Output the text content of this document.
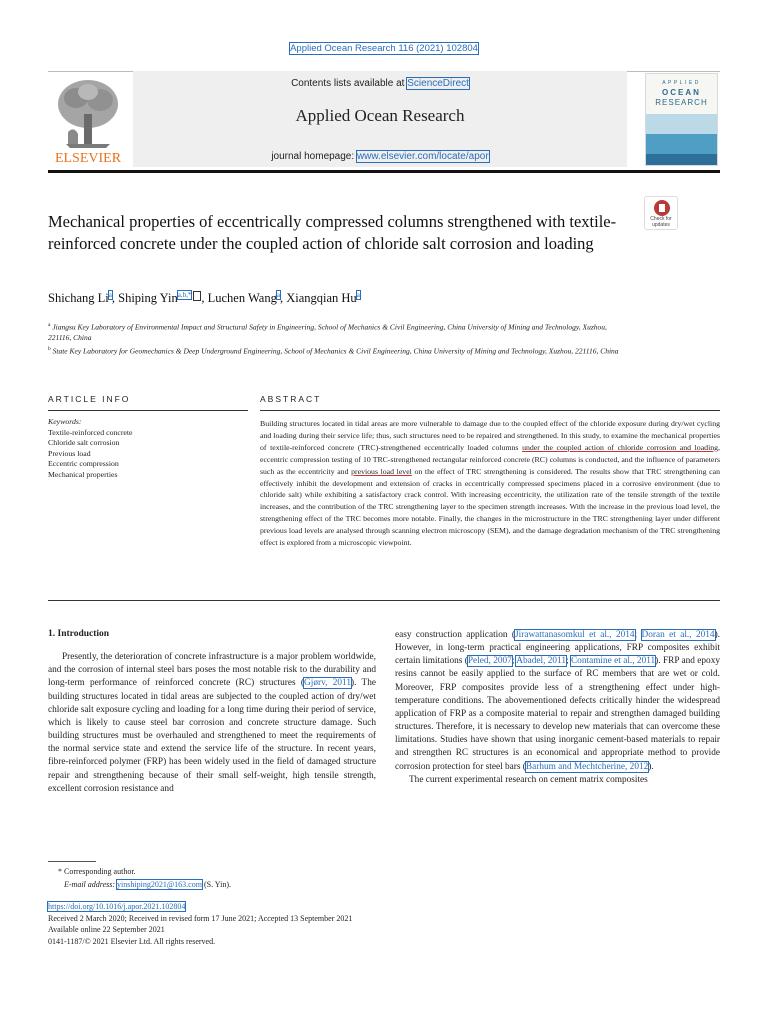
Applied Ocean Research 116 (2021) 102804
ELSEVIER
Contents lists available at ScienceDirect
Applied Ocean Research
journal homepage: www.elsevier.com/locate/apor
APPLIED
OCEAN
RESEARCH
Check for updates
Mechanical properties of eccentrically compressed columns strengthened with textile-reinforced concrete under the coupled action of chloride salt corrosion and loading
Shichang Li$^a$, Shiping Yin$^{a,b,*}$ , Luchen Wang$^a$, Xiangqian Hu$^a$
$^a$ Jiangsu Key Laboratory of Environmental Impact and Structural Safety in Engineering, School of Mechanics & Civil Engineering, China University of Mining and Technology, Xuzhou, 221116, China
$^b$ State Key Laboratory for Geomechanics & Deep Underground Engineering, School of Mechanics & Civil Engineering, China University of Mining and Technology, Xuzhou, 221116, China
ARTICLE INFO	ABSTRACT
Keywords:
Textile-reinforced concrete
Chloride salt corrosion
Previous load
Eccentric compression
Mechanical properties
Building structures located in tidal areas are more vulnerable to damage due to the coupled effect of the chloride exposure during dry/wet cycling and loading during their service life; thus, such structures need to be repaired and strengthened. In this study, to examine the mechanical properties of textile-reinforced concrete (TRC)-strengthened eccentrically loaded columns under the coupled action of chloride corrosion and loading, eccentric compression testing of 10 TRC-strengthened rectangular reinforced concrete (RC) columns is conducted, and the influence of parameters such as the eccentricity and previous load level on the effect of TRC strengthening is considered. The results show that TRC strengthening can effectively inhibit the development and extension of cracks in eccentrically compressed specimens placed in a corrosive environment (due to chloride salt) while exhibiting a satisfactory crack control. With increasing eccentricity, the utilization rate of the tensile strength of the textile increases, and the contribution of the TRC strengthening layer to the specimen strength increases. With the increase in the previous load level, the strengthening effect of the TRC becomes more notable. Finally, the changes in the microstructure in the TRC strengthening layer under different previous load levels are analysed through scanning electron microscopy (SEM), and the damage degradation mechanism of the TRC strengthening effect is explored from a microscopic viewpoint.
1. Introduction

Presently, the deterioration of concrete infrastructure is a major problem worldwide, and the corrosion of internal steel bars poses the most notable risk to the durability and long-term performance of reinforced concrete (RC) structures (Gjørv, 2011). The building structures located in tidal areas are subjected to the coupled action of dry/wet chloride salt exposure cycling and loading for a long time during their period of service, which is likely to cause steel bar corrosion and concrete structure damage. Such building structures must be overhauled and strengthened to meet the requirements of the normal service state and extend the service life of the structure. In recent years, fibre-reinforced polymer (FRP) has been widely used in the field of damaged structure repair and strengthening because of their small self-weight, high tensile strength, excellent corrosion resistance and

easy construction application (Jirawattanasomkul et al., 2014; Doran et al., 2014). However, in long-term practical engineering applications, FRP composites exhibit certain limitations (Peled, 2007; Abadel, 2011; Contamine et al., 2011). FRP and epoxy resins cannot be easily applied to the surface of RC members that are wet or cold. Moreover, FRP composites provide less of a strengthening effect under high-temperature conditions. The abovementioned defects critically hinder the widespread application of FRP as a composite material to repair and strengthen damaged building structures. Therefore, it is necessary to develop new materials that can overcome these limitations. Studies have shown that using inorganic cement-based materials to repair and strengthen RC structures is an economical and appropriate method to provide corrosion protection for steel bars (Barhum and Mechtcherine, 2012).

The current experimental research on cement matrix composites

* Corresponding author.
E-mail address: yinshiping2021@163.com (S. Yin).
https://doi.org/10.1016/j.apor.2021.102804
Received 2 March 2020; Received in revised form 17 June 2021; Accepted 13 September 2021
Available online 22 September 2021
0141-1187/© 2021 Elsevier Ltd. All rights reserved.
